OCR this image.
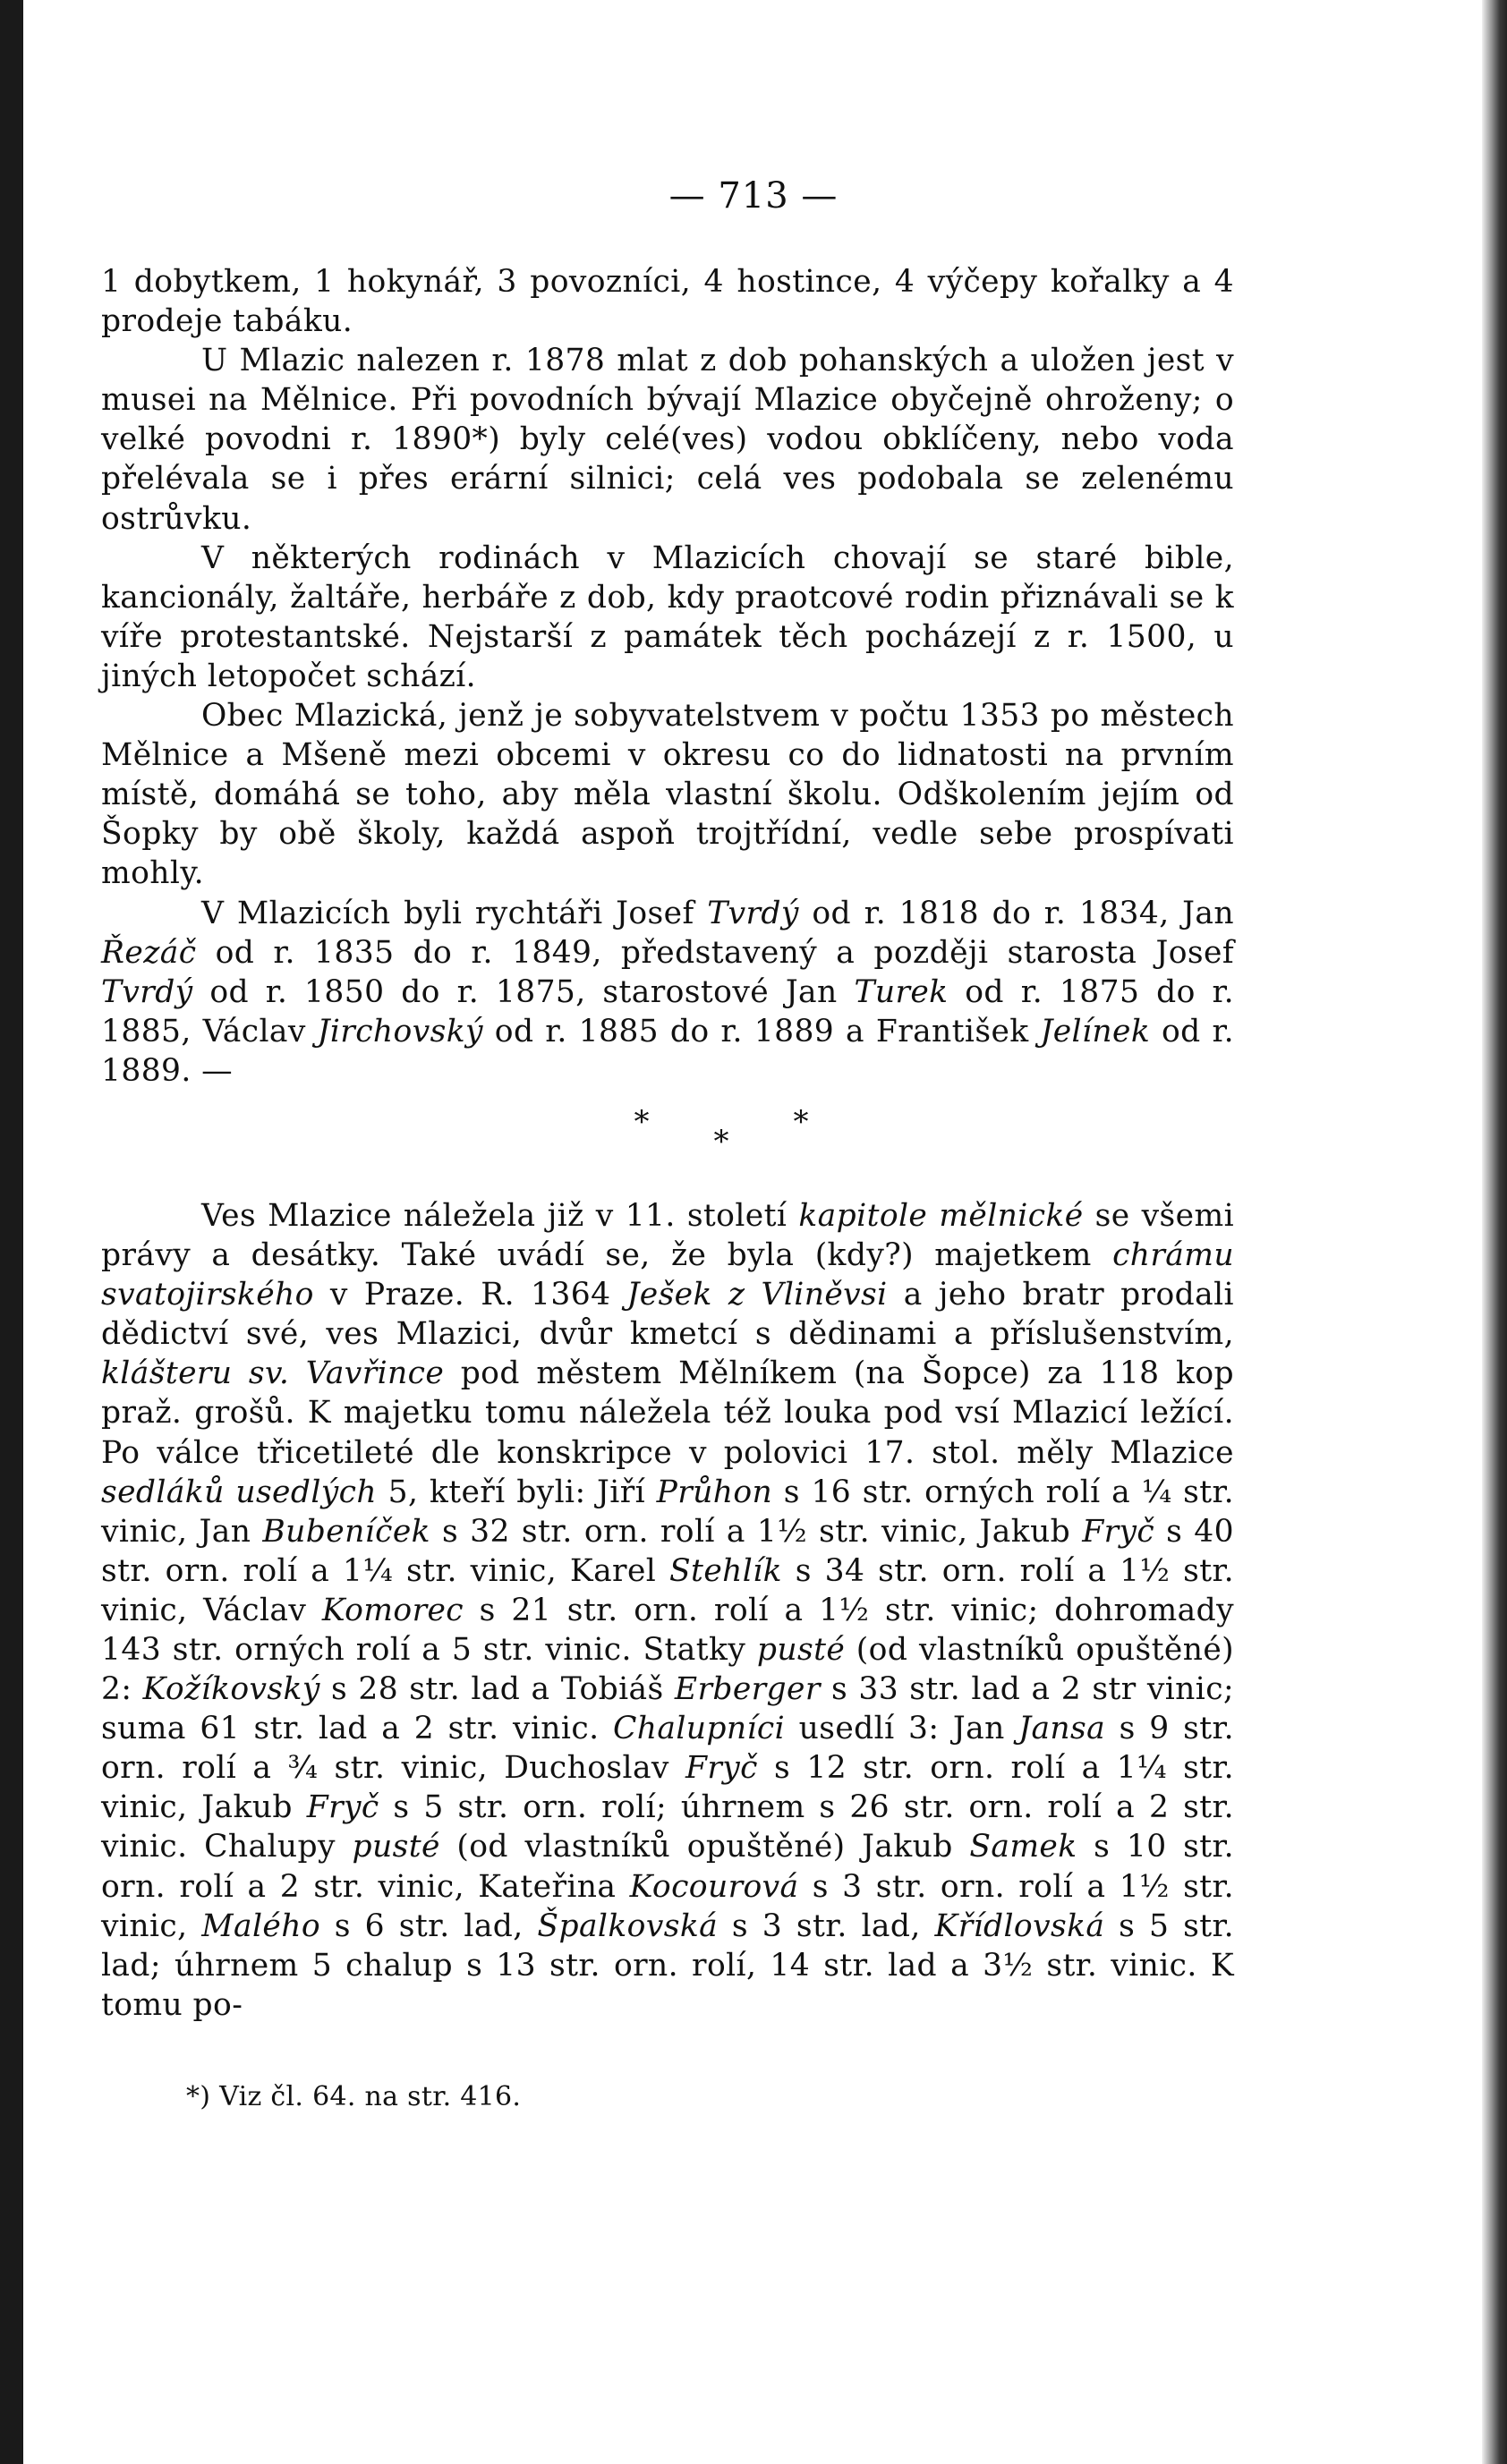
— 713 —

1 dobytkem, 1 hokynář, 3 povozníci, 4 hostince, 4 výčepy kořalky a 4 prodeje tabáku.

U Mlazic nalezen r. 1878 mlat z dob pohanských a uložen jest v musei na Mělnice. Při povodních bývají Mlazice obyčejně ohroženy; o velké povodni r. 1890*) byly celé(ves) vodou obklíčeny, nebo voda přelévala se i přes erární silnici; celá ves podobala se zelenému ostrůvku.

V některých rodinách v Mlazicích chovají se staré bible, kancionály, žaltáře, herbáře z dob, kdy praotcové rodin přiznávali se k víře protestantské. Nejstarší z památek těch pocházejí z r. 1500, u jiných letopočet schází.

Obec Mlazická, jenž je sobyvatelstvem v počtu 1353 po městech Mělnice a Mšeně mezi obcemi v okresu co do lidnatosti na prvním místě, domáhá se toho, aby měla vlastní školu. Odškolením jejím od Šopky by obě školy, každá aspoň trojtřídní, vedle sebe prospívati mohly.

V Mlazicích byli rychtáři Josef Tvrdý od r. 1818 do r. 1834, Jan Řezáč od r. 1835 do r. 1849, představený a později starosta Josef Tvrdý od r. 1850 do r. 1875, starostové Jan Turek od r. 1875 do r. 1885, Václav Jirchovský od r. 1885 do r. 1889 a František Jelínek od r. 1889. —

Ves Mlazice náležela již v 11. století kapitole mělnické se všemi právy a desátky. Také uvádí se, že byla (kdy?) majetkem chrámu svatojirského v Praze. R. 1364 Ješek z Vliněvsi a jeho bratr prodali dědictví své, ves Mlazici, dvůr kmetcí s dědinami a příslušenstvím, klášteru sv. Vavřince pod městem Mělníkem (na Šopce) za 118 kop praž. grošů. K majetku tomu náležela též louka pod vsí Mlazicí ležící. Po válce třicetileté dle konskripce v polovici 17. stol. měly Mlazice sedláků usedlých 5, kteří byli: Jiří Průhon s 16 str. orných rolí a ¼ str. vinic, Jan Bubeníček s 32 str. orn. rolí a 1½ str. vinic, Jakub Fryč s 40 str. orn. rolí a 1¼ str. vinic, Karel Stehlík s 34 str. orn. rolí a 1½ str. vinic, Václav Komorec s 21 str. orn. rolí a 1½ str. vinic; dohromady 143 str. orných rolí a 5 str. vinic. Statky pusté (od vlastníků opuštěné) 2: Kožíkovský s 28 str. lad a Tobiáš Erberger s 33 str. lad a 2 str vinic; suma 61 str. lad a 2 str. vinic. Chalupníci usedlí 3: Jan Jansa s 9 str. orn. rolí a ¾ str. vinic, Duchoslav Fryč s 12 str. orn. rolí a 1¼ str. vinic, Jakub Fryč s 5 str. orn. rolí; úhrnem s 26 str. orn. rolí a 2 str. vinic. Chalupy pusté (od vlastníků opuštěné) Jakub Samek s 10 str. orn. rolí a 2 str. vinic, Kateřina Kocourová s 3 str. orn. rolí a 1½ str. vinic, Malého s 6 str. lad, Špalkovská s 3 str. lad, Křídlovská s 5 str. lad; úhrnem 5 chalup s 13 str. orn. rolí, 14 str. lad a 3½ str. vinic. K tomu po-

***
*) Viz čl. 64. na str. 416.
